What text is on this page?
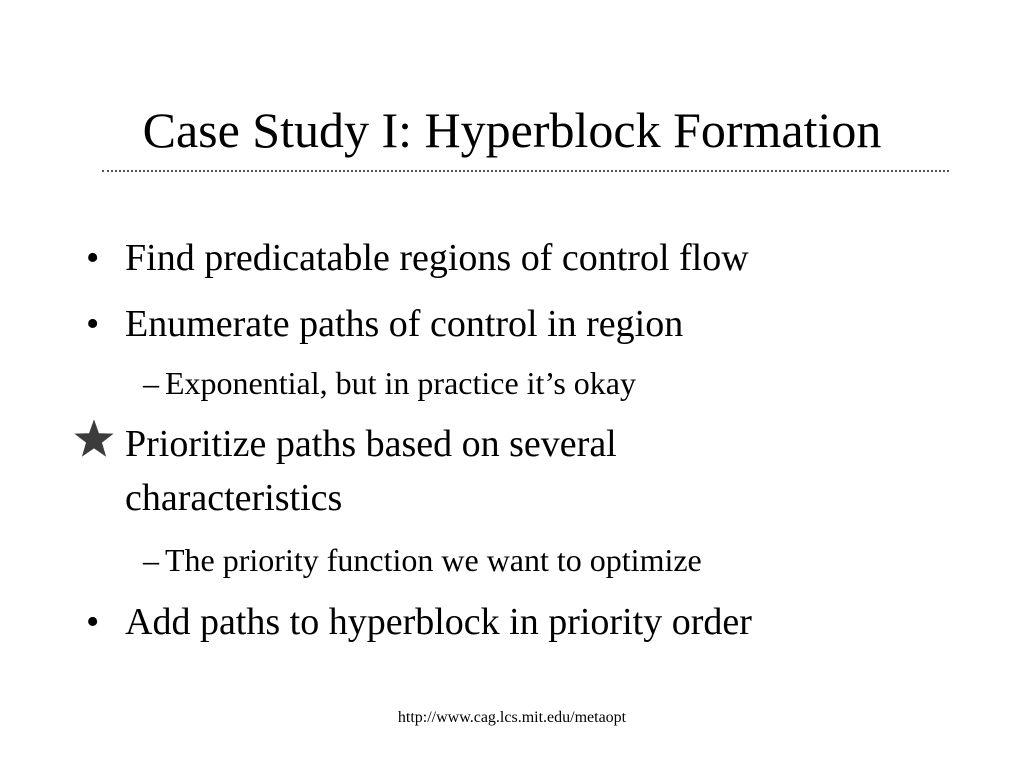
Case Study I: Hyperblock Formation
• Find predicatable regions of control flow
• Enumerate paths of control in region
– Exponential, but in practice it’s okay
Prioritize paths based on several
characteristics
– The priority function we want to optimize
• Add paths to hyperblock in priority order
http://www.cag.lcs.mit.edu/metaopt
